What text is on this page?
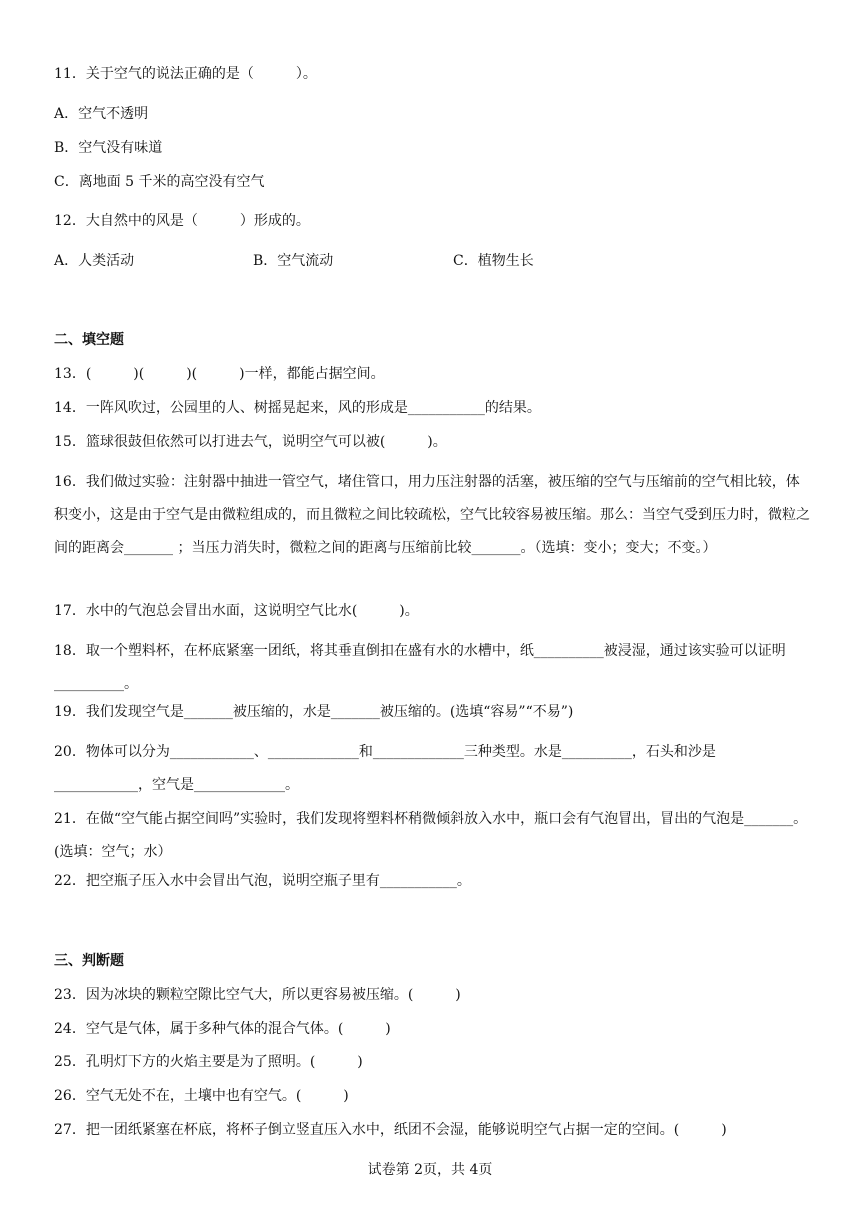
11．关于空气的说法正确的是（　　　）。
A．空气不透明
B．空气没有味道
C．离地面 5 千米的高空没有空气
12．大自然中的风是（　　　）形成的。
A．人类活动	B．空气流动	C．植物生长
二、填空题
13．(　　　)(　　　)(　　　)一样，都能占据空间。
14．一阵风吹过，公园里的人、树摇晃起来，风的形成是___________的结果。
15．篮球很鼓但依然可以打进去气，说明空气可以被(　　　)。
16．我们做过实验：注射器中抽进一管空气，堵住管口，用力压注射器的活塞，被压缩的空气与压缩前的空气相比较，体积变小，这是由于空气是由微粒组成的，而且微粒之间比较疏松，空气比较容易被压缩。那么：当空气受到压力时，微粒之间的距离会_______ ；当压力消失时，微粒之间的距离与压缩前比较_______。（选填：变小；变大；不变。）
17．水中的气泡总会冒出水面，这说明空气比水(　　　)。
18．取一个塑料杯，在杯底紧塞一团纸，将其垂直倒扣在盛有水的水槽中，纸__________被浸湿，通过该实验可以证明__________。
19．我们发现空气是_______被压缩的，水是_______被压缩的。(选填“容易”“不易”)
20．物体可以分为____________、_____________和_____________三种类型。水是__________，石头和沙是____________，空气是_____________。
21．在做“空气能占据空间吗”实验时，我们发现将塑料杯稍微倾斜放入水中，瓶口会有气泡冒出，冒出的气泡是_______。(选填：空气；水）
22．把空瓶子压入水中会冒出气泡，说明空瓶子里有___________。
三、判断题
23．因为冰块的颗粒空隙比空气大，所以更容易被压缩。(　　　)
24．空气是气体，属于多种气体的混合气体。(　　　)
25．孔明灯下方的火焰主要是为了照明。(　　　)
26．空气无处不在，土壤中也有空气。(　　　)
27．把一团纸紧塞在杯底，将杯子倒立竖直压入水中，纸团不会湿，能够说明空气占据一定的空间。(　　　)
试卷第 2页，共 4页
